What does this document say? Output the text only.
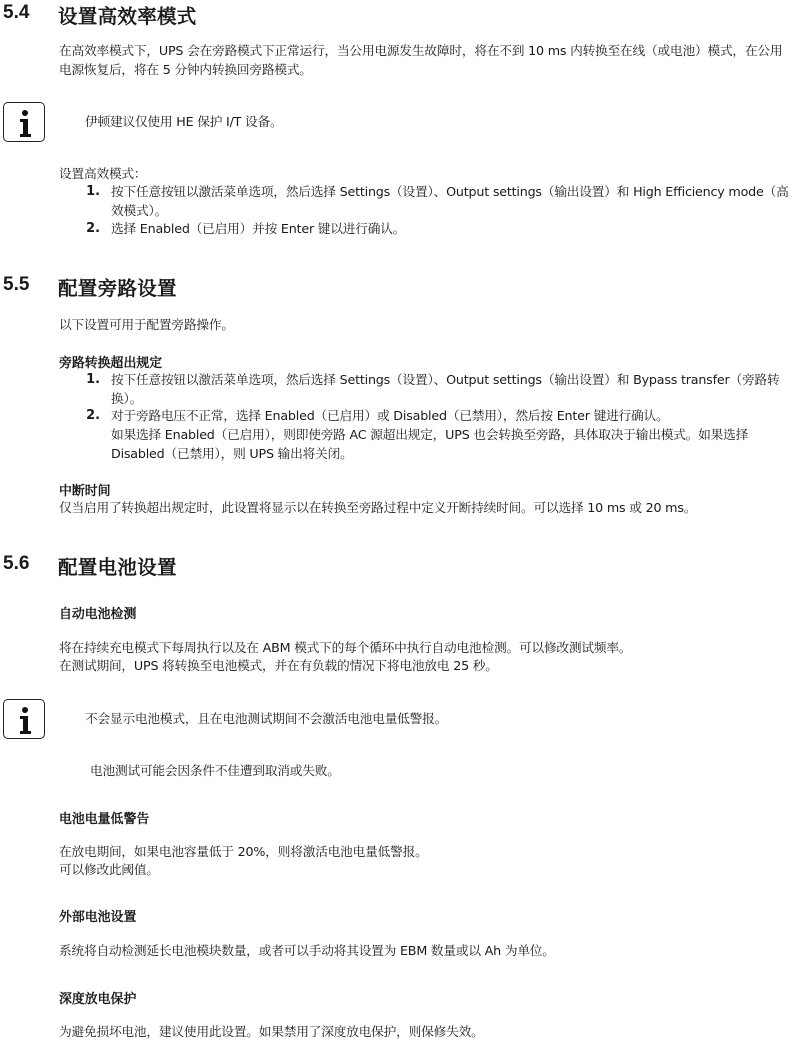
5.4 设置高效率模式
在高效率模式下，UPS 会在旁路模式下正常运行，当公用电源发生故障时，将在不到 10 ms 内转换至在线（或电池）模式，在公用电源恢复后，将在 5 分钟内转换回旁路模式。
伊顿建议仅使用 HE 保护 I/T 设备。
设置高效模式：
1. 按下任意按钮以激活菜单选项，然后选择 Settings（设置）、Output settings（输出设置）和 High Efficiency mode（高效模式）。
2. 选择 Enabled（已启用）并按 Enter 键以进行确认。
5.5 配置旁路设置
以下设置可用于配置旁路操作。
旁路转换超出规定
1. 按下任意按钮以激活菜单选项，然后选择 Settings（设置）、Output settings（输出设置）和 Bypass transfer（旁路转换）。
2. 对于旁路电压不正常，选择 Enabled（已启用）或 Disabled（已禁用），然后按 Enter 键进行确认。
如果选择 Enabled（已启用），则即使旁路 AC 源超出规定，UPS 也会转换至旁路，具体取决于输出模式。如果选择 Disabled（已禁用），则 UPS 输出将关闭。
中断时间
仅当启用了转换超出规定时，此设置将显示以在转换至旁路过程中定义开断持续时间。可以选择 10 ms 或 20 ms。
5.6 配置电池设置
自动电池检测
将在持续充电模式下每周执行以及在 ABM 模式下的每个循环中执行自动电池检测。可以修改测试频率。
在测试期间，UPS 将转换至电池模式，并在有负载的情况下将电池放电 25 秒。
不会显示电池模式，且在电池测试期间不会激活电池电量低警报。
电池测试可能会因条件不佳遭到取消或失败。
电池电量低警告
在放电期间，如果电池容量低于 20%，则将激活电池电量低警报。
可以修改此阈值。
外部电池设置
系统将自动检测延长电池模块数量，或者可以手动将其设置为 EBM 数量或以 Ah 为单位。
深度放电保护
为避免损坏电池，建议使用此设置。如果禁用了深度放电保护，则保修失效。
